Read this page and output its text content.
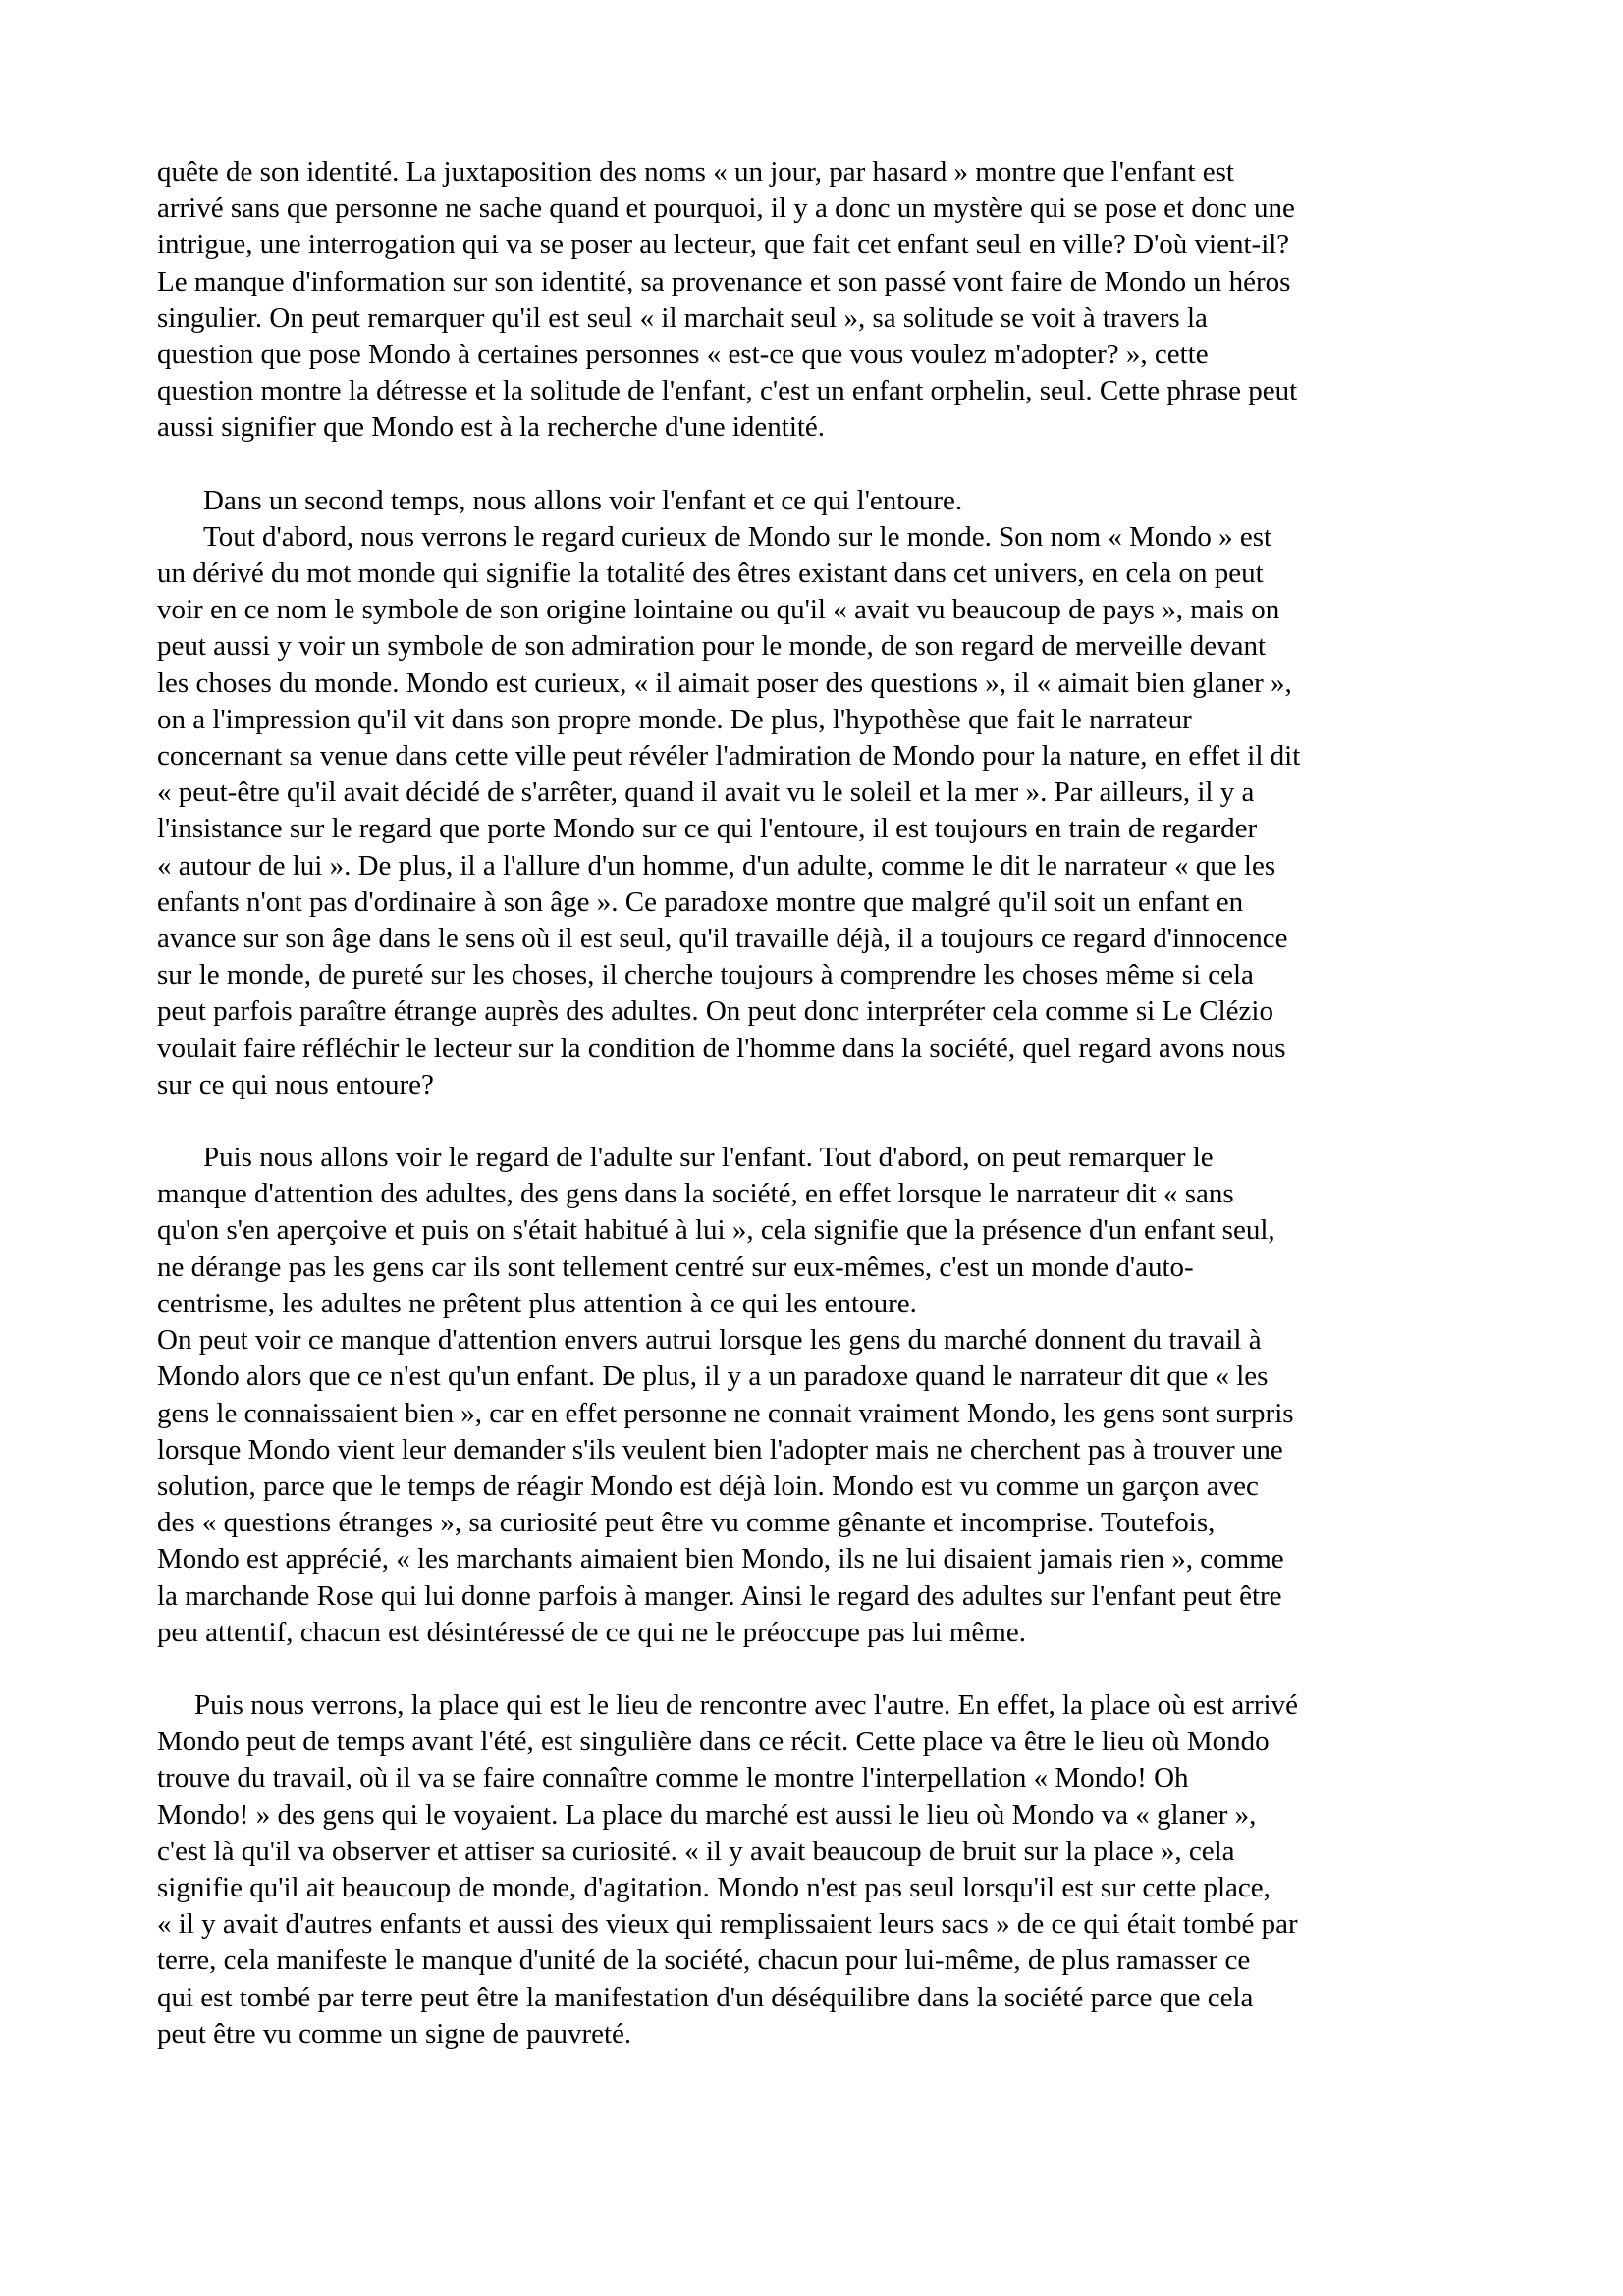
quête de son identité. La juxtaposition des noms « un jour, par hasard » montre que l'enfant est
arrivé sans que personne ne sache quand et pourquoi, il y a donc un mystère qui se pose et donc une
intrigue, une interrogation qui va se poser au lecteur, que fait cet enfant seul en ville? D'où vient-il?
Le manque d'information sur son identité, sa provenance et son passé vont faire de Mondo un héros
singulier. On peut remarquer qu'il est seul « il marchait seul », sa solitude se voit à travers la
question que pose Mondo à certaines personnes « est-ce que vous voulez m'adopter? », cette
question montre la détresse et la solitude de l'enfant, c'est un enfant orphelin, seul. Cette phrase peut
aussi signifier que Mondo est à la recherche d'une identité.

Dans un second temps, nous allons voir l'enfant et ce qui l'entoure.

Tout d'abord, nous verrons le regard curieux de Mondo sur le monde. Son nom « Mondo » est
un dérivé du mot monde qui signifie la totalité des êtres existant dans cet univers, en cela on peut
voir en ce nom le symbole de son origine lointaine ou qu'il « avait vu beaucoup de pays », mais on
peut aussi y voir un symbole de son admiration pour le monde, de son regard de merveille devant
les choses du monde. Mondo est curieux, « il aimait poser des questions », il « aimait bien glaner »,
on a l'impression qu'il vit dans son propre monde. De plus, l'hypothèse que fait le narrateur
concernant sa venue dans cette ville peut révéler l'admiration de Mondo pour la nature, en effet il dit
« peut-être qu'il avait décidé de s'arrêter, quand il avait vu le soleil et la mer ». Par ailleurs, il y a
l'insistance sur le regard que porte Mondo sur ce qui l'entoure, il est toujours en train de regarder
« autour de lui ». De plus, il a l'allure d'un homme, d'un adulte, comme le dit le narrateur « que les
enfants n'ont pas d'ordinaire à son âge ». Ce paradoxe montre que malgré qu'il soit un enfant en
avance sur son âge dans le sens où il est seul, qu'il travaille déjà, il a toujours ce regard d'innocence
sur le monde, de pureté sur les choses, il cherche toujours à comprendre les choses même si cela
peut parfois paraître étrange auprès des adultes. On peut donc interpréter cela comme si Le Clézio
voulait faire réfléchir le lecteur sur la condition de l'homme dans la société, quel regard avons nous
sur ce qui nous entoure?

Puis nous allons voir le regard de l'adulte sur l'enfant. Tout d'abord, on peut remarquer le
manque d'attention des adultes, des gens dans la société, en effet lorsque le narrateur dit « sans
qu'on s'en aperçoive et puis on s'était habitué à lui », cela signifie que la présence d'un enfant seul,
ne dérange pas les gens car ils sont tellement centré sur eux-mêmes, c'est un monde d'auto-
centrisme, les adultes ne prêtent plus attention à ce qui les entoure.

On peut voir ce manque d'attention envers autrui lorsque les gens du marché donnent du travail à
Mondo alors que ce n'est qu'un enfant. De plus, il y a un paradoxe quand le narrateur dit que « les
gens le connaissaient bien », car en effet personne ne connait vraiment Mondo, les gens sont surpris
lorsque Mondo vient leur demander s'ils veulent bien l'adopter mais ne cherchent pas à trouver une
solution, parce que le temps de réagir Mondo est déjà loin. Mondo est vu comme un garçon avec
des « questions étranges », sa curiosité peut être vu comme gênante et incomprise. Toutefois,
Mondo est apprécié, « les marchants aimaient bien Mondo, ils ne lui disaient jamais rien », comme
la marchande Rose qui lui donne parfois à manger. Ainsi le regard des adultes sur l'enfant peut être
peu attentif, chacun est désintéressé de ce qui ne le préoccupe pas lui même.

Puis nous verrons, la place qui est le lieu de rencontre avec l'autre. En effet, la place où est arrivé
Mondo peut de temps avant l'été, est singulière dans ce récit. Cette place va être le lieu où Mondo
trouve du travail, où il va se faire connaître comme le montre l'interpellation « Mondo! Oh
Mondo! » des gens qui le voyaient. La place du marché est aussi le lieu où Mondo va « glaner »,
c'est là qu'il va observer et attiser sa curiosité. « il y avait beaucoup de bruit sur la place », cela
signifie qu'il ait beaucoup de monde, d'agitation. Mondo n'est pas seul lorsqu'il est sur cette place,
« il y avait d'autres enfants et aussi des vieux qui remplissaient leurs sacs » de ce qui était tombé par
terre, cela manifeste le manque d'unité de la société, chacun pour lui-même, de plus ramasser ce
qui est tombé par terre peut être la manifestation d'un déséquilibre dans la société parce que cela
peut être vu comme un signe de pauvreté.
